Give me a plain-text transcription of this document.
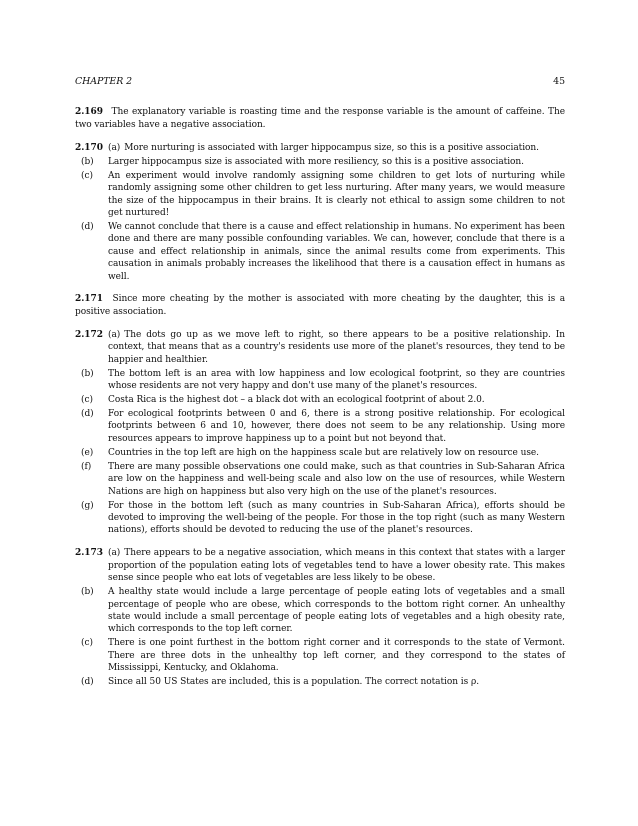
CHAPTER 2	45
2.169 The explanatory variable is roasting time and the response variable is the amount of caffeine. The two variables have a negative association.
2.170 (a) More nurturing is associated with larger hippocampus size, so this is a positive association.
(b) Larger hippocampus size is associated with more resiliency, so this is a positive association.
(c) An experiment would involve randomly assigning some children to get lots of nurturing while randomly assigning some other children to get less nurturing. After many years, we would measure the size of the hippocampus in their brains. It is clearly not ethical to assign some children to not get nurtured!
(d) We cannot conclude that there is a cause and effect relationship in humans. No experiment has been done and there are many possible confounding variables. We can, however, conclude that there is a cause and effect relationship in animals, since the animal results come from experiments. This causation in animals probably increases the likelihood that there is a causation effect in humans as well.
2.171 Since more cheating by the mother is associated with more cheating by the daughter, this is a positive association.
2.172 (a) The dots go up as we move left to right, so there appears to be a positive relationship. In context, that means that as a country's residents use more of the planet's resources, they tend to be happier and healthier.
(b) The bottom left is an area with low happiness and low ecological footprint, so they are countries whose residents are not very happy and don't use many of the planet's resources.
(c) Costa Rica is the highest dot – a black dot with an ecological footprint of about 2.0.
(d) For ecological footprints between 0 and 6, there is a strong positive relationship. For ecological footprints between 6 and 10, however, there does not seem to be any relationship. Using more resources appears to improve happiness up to a point but not beyond that.
(e) Countries in the top left are high on the happiness scale but are relatively low on resource use.
(f) There are many possible observations one could make, such as that countries in Sub-Saharan Africa are low on the happiness and well-being scale and also low on the use of resources, while Western Nations are high on happiness but also very high on the use of the planet's resources.
(g) For those in the bottom left (such as many countries in Sub-Saharan Africa), efforts should be devoted to improving the well-being of the people. For those in the top right (such as many Western nations), efforts should be devoted to reducing the use of the planet's resources.
2.173 (a) There appears to be a negative association, which means in this context that states with a larger proportion of the population eating lots of vegetables tend to have a lower obesity rate. This makes sense since people who eat lots of vegetables are less likely to be obese.
(b) A healthy state would include a large percentage of people eating lots of vegetables and a small percentage of people who are obese, which corresponds to the bottom right corner. An unhealthy state would include a small percentage of people eating lots of vegetables and a high obesity rate, which corresponds to the top left corner.
(c) There is one point furthest in the bottom right corner and it corresponds to the state of Vermont. There are three dots in the unhealthy top left corner, and they correspond to the states of Mississippi, Kentucky, and Oklahoma.
(d) Since all 50 US States are included, this is a population. The correct notation is ρ.
